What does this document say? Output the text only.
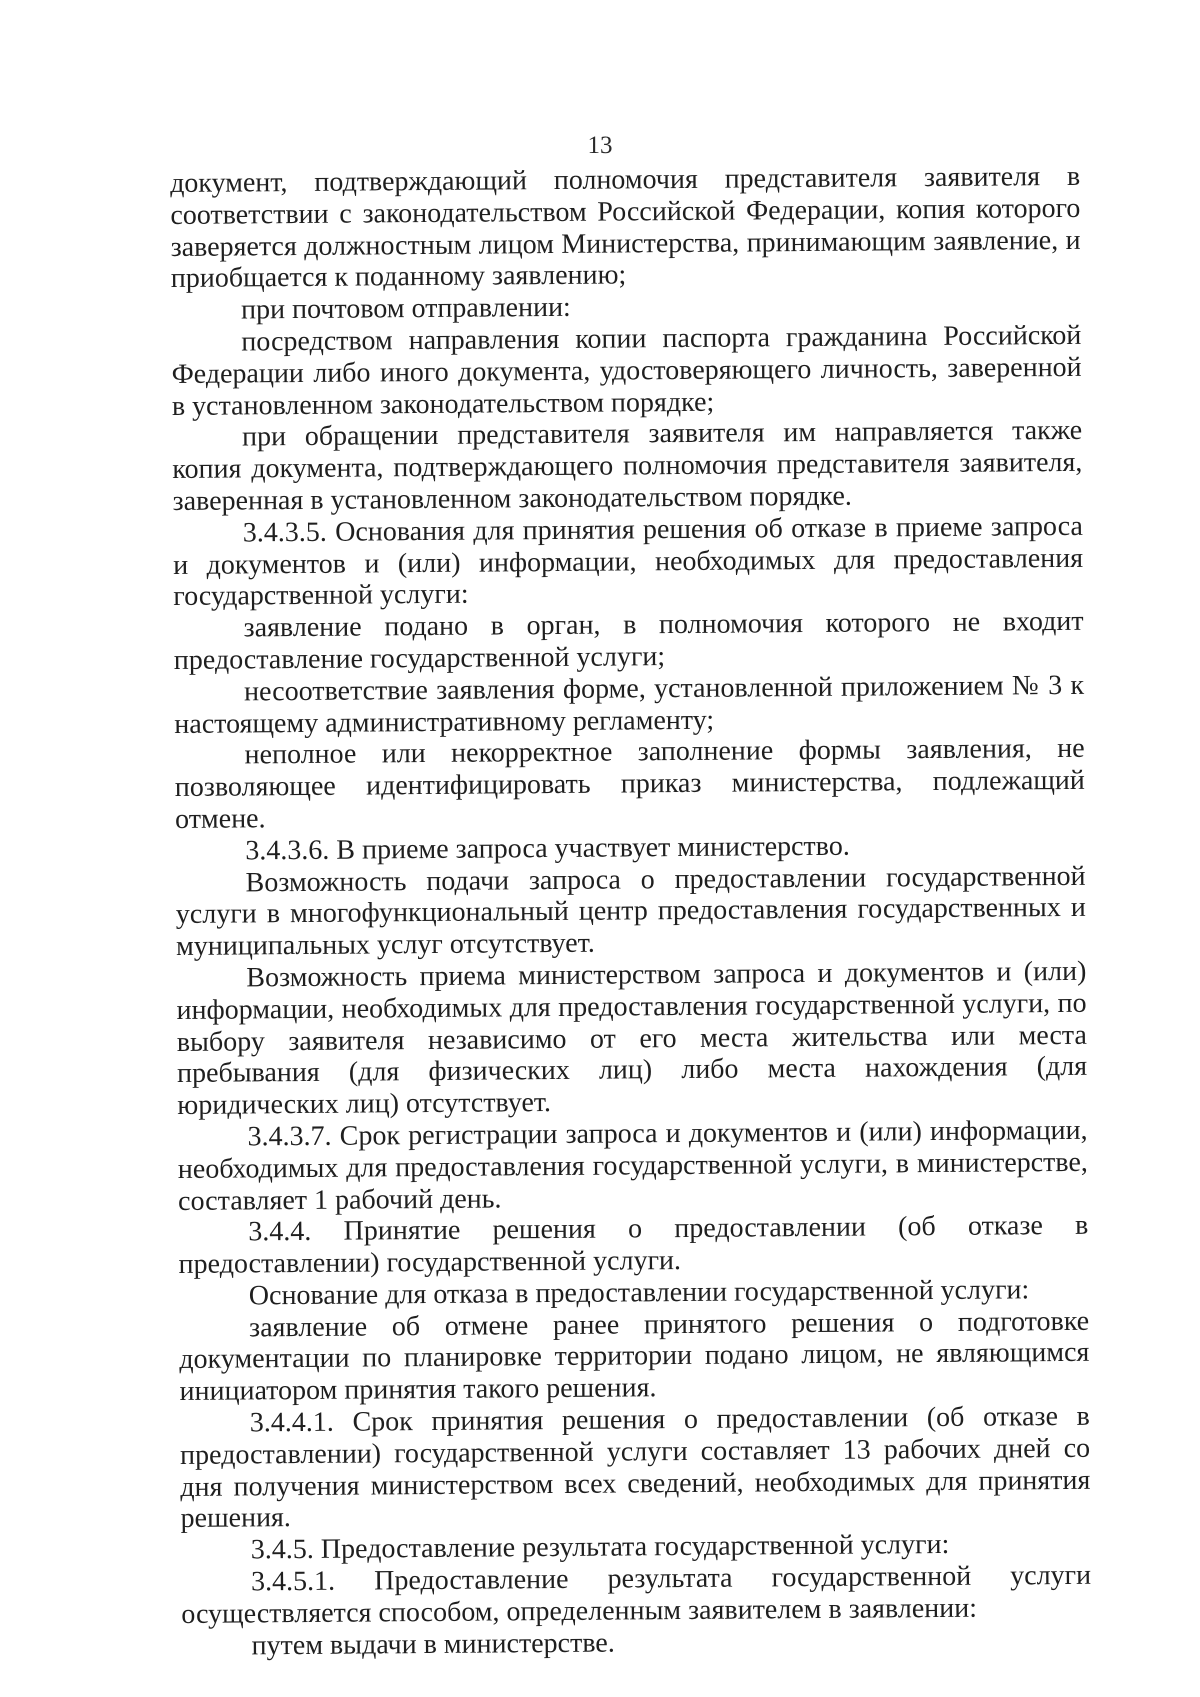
13

документ, подтверждающий полномочия представителя заявителя в соответствии с законодательством Российской Федерации, копия которого заверяется должностным лицом Министерства, принимающим заявление, и приобщается к поданному заявлению;

при почтовом отправлении:

посредством направления копии паспорта гражданина Российской Федерации либо иного документа, удостоверяющего личность, заверенной в установленном законодательством порядке;

при обращении представителя заявителя им направляется также копия документа, подтверждающего полномочия представителя заявителя, заверенная в установленном законодательством порядке.

3.4.3.5. Основания для принятия решения об отказе в приеме запроса и документов и (или) информации, необходимых для предоставления государственной услуги:

заявление подано в орган, в полномочия которого не входит предоставление государственной услуги;

несоответствие заявления форме, установленной приложением № 3 к настоящему административному регламенту;

неполное или некорректное заполнение формы заявления, не позволяющее идентифицировать приказ министерства, подлежащий отмене.

3.4.3.6. В приеме запроса участвует министерство.

Возможность подачи запроса о предоставлении государственной услуги в многофункциональный центр предоставления государственных и муниципальных услуг отсутствует.

Возможность приема министерством запроса и документов и (или) информации, необходимых для предоставления государственной услуги, по выбору заявителя независимо от его места жительства или места пребывания (для физических лиц) либо места нахождения (для юридических лиц) отсутствует.

3.4.3.7. Срок регистрации запроса и документов и (или) информации, необходимых для предоставления государственной услуги, в министерстве, составляет 1 рабочий день.

3.4.4. Принятие решения о предоставлении (об отказе в предоставлении) государственной услуги.

Основание для отказа в предоставлении государственной услуги:

заявление об отмене ранее принятого решения о подготовке документации по планировке территории подано лицом, не являющимся инициатором принятия такого решения.

3.4.4.1. Срок принятия решения о предоставлении (об отказе в предоставлении) государственной услуги составляет 13 рабочих дней со дня получения министерством всех сведений, необходимых для принятия решения.

3.4.5. Предоставление результата государственной услуги:

3.4.5.1. Предоставление результата государственной услуги осуществляется способом, определенным заявителем в заявлении:

путем выдачи в министерстве.
